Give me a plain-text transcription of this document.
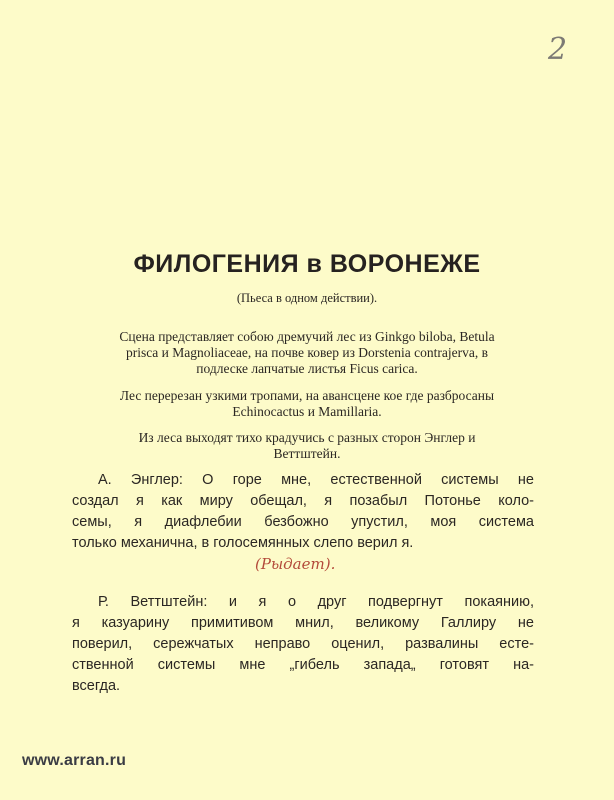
2
ФИЛОГЕНИЯ в ВОРОНЕЖЕ
(Пьеса в одном действии).
Сцена представляет собою дремучий лес из Ginkgo biloba, Betula
prisca и Magnoliaceae, на почве ковер из Dorstenia contrajerva, в
подлеске лапчатые листья Ficus carica.
Лес перерезан узкими тропами, на авансцене кое где разбросаны
Echinocactus и Mamillaria.
Из леса выходят тихо крадучись с разных сторон Энглер и
Веттштейн.
А. Энглер: О горе мне, естественной системы не
создал я как миру обещал, я позабыл Потонье коло-
семы, я диафлебии безбожно упустил, моя система
только механична, в голосемянных слепо верил я.
(Рыдает).
Р. Веттштейн: и я о друг подвергнут покаянию,
я казуарину примитивом мнил, великому Галлиру не
поверил, сережчатых неправо оценил, развалины есте-
ственной системы мне „гибель запада„ готовят на-
всегда.
www.arran.ru
